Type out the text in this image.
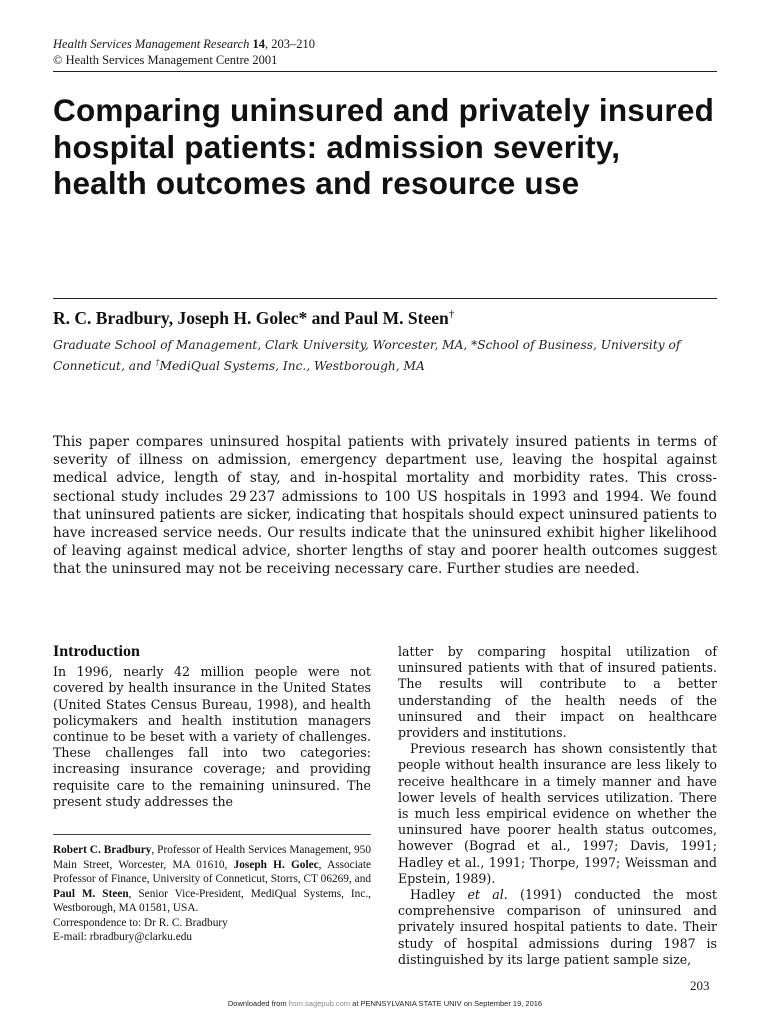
Health Services Management Research 14, 203–210
© Health Services Management Centre 2001
Comparing uninsured and privately insured hospital patients: admission severity, health outcomes and resource use
R. C. Bradbury, Joseph H. Golec* and Paul M. Steen†
Graduate School of Management, Clark University, Worcester, MA, *School of Business, University of Conneticut, and †MediQual Systems, Inc., Westborough, MA
This paper compares uninsured hospital patients with privately insured patients in terms of severity of illness on admission, emergency department use, leaving the hospital against medical advice, length of stay, and in-hospital mortality and morbidity rates. This cross-sectional study includes 29 237 admissions to 100 US hospitals in 1993 and 1994. We found that uninsured patients are sicker, indicating that hospitals should expect uninsured patients to have increased service needs. Our results indicate that the uninsured exhibit higher likelihood of leaving against medical advice, shorter lengths of stay and poorer health outcomes suggest that the uninsured may not be receiving necessary care. Further studies are needed.
Introduction

In 1996, nearly 42 million people were not covered by health insurance in the United States (United States Census Bureau, 1998), and health policymakers and health institution managers continue to be beset with a variety of challenges. These challenges fall into two categories: increasing insurance coverage; and providing requisite care to the remaining uninsured. The present study addresses the

Robert C. Bradbury, Professor of Health Services Management, 950 Main Street, Worcester, MA 01610, Joseph H. Golec, Associate Professor of Finance, University of Conneticut, Storrs, CT 06269, and Paul M. Steen, Senior Vice-President, MediQual Systems, Inc., Westborough, MA 01581, USA.
Correspondence to: Dr R. C. Bradbury
E-mail: rbradbury@clarku.edu

latter by comparing hospital utilization of uninsured patients with that of insured patients. The results will contribute to a better understanding of the health needs of the uninsured and their impact on healthcare providers and institutions.

Previous research has shown consistently that people without health insurance are less likely to receive healthcare in a timely manner and have lower levels of health services utilization. There is much less empirical evidence on whether the uninsured have poorer health status outcomes, however (Bograd et al., 1997; Davis, 1991; Hadley et al., 1991; Thorpe, 1997; Weissman and Epstein, 1989).

Hadley et al. (1991) conducted the most comprehensive comparison of uninsured and privately insured hospital patients to date. Their study of hospital admissions during 1987 is distinguished by its large patient sample size,

203
Downloaded from hsm.sagepub.com at PENNSYLVANIA STATE UNIV on September 19, 2016
